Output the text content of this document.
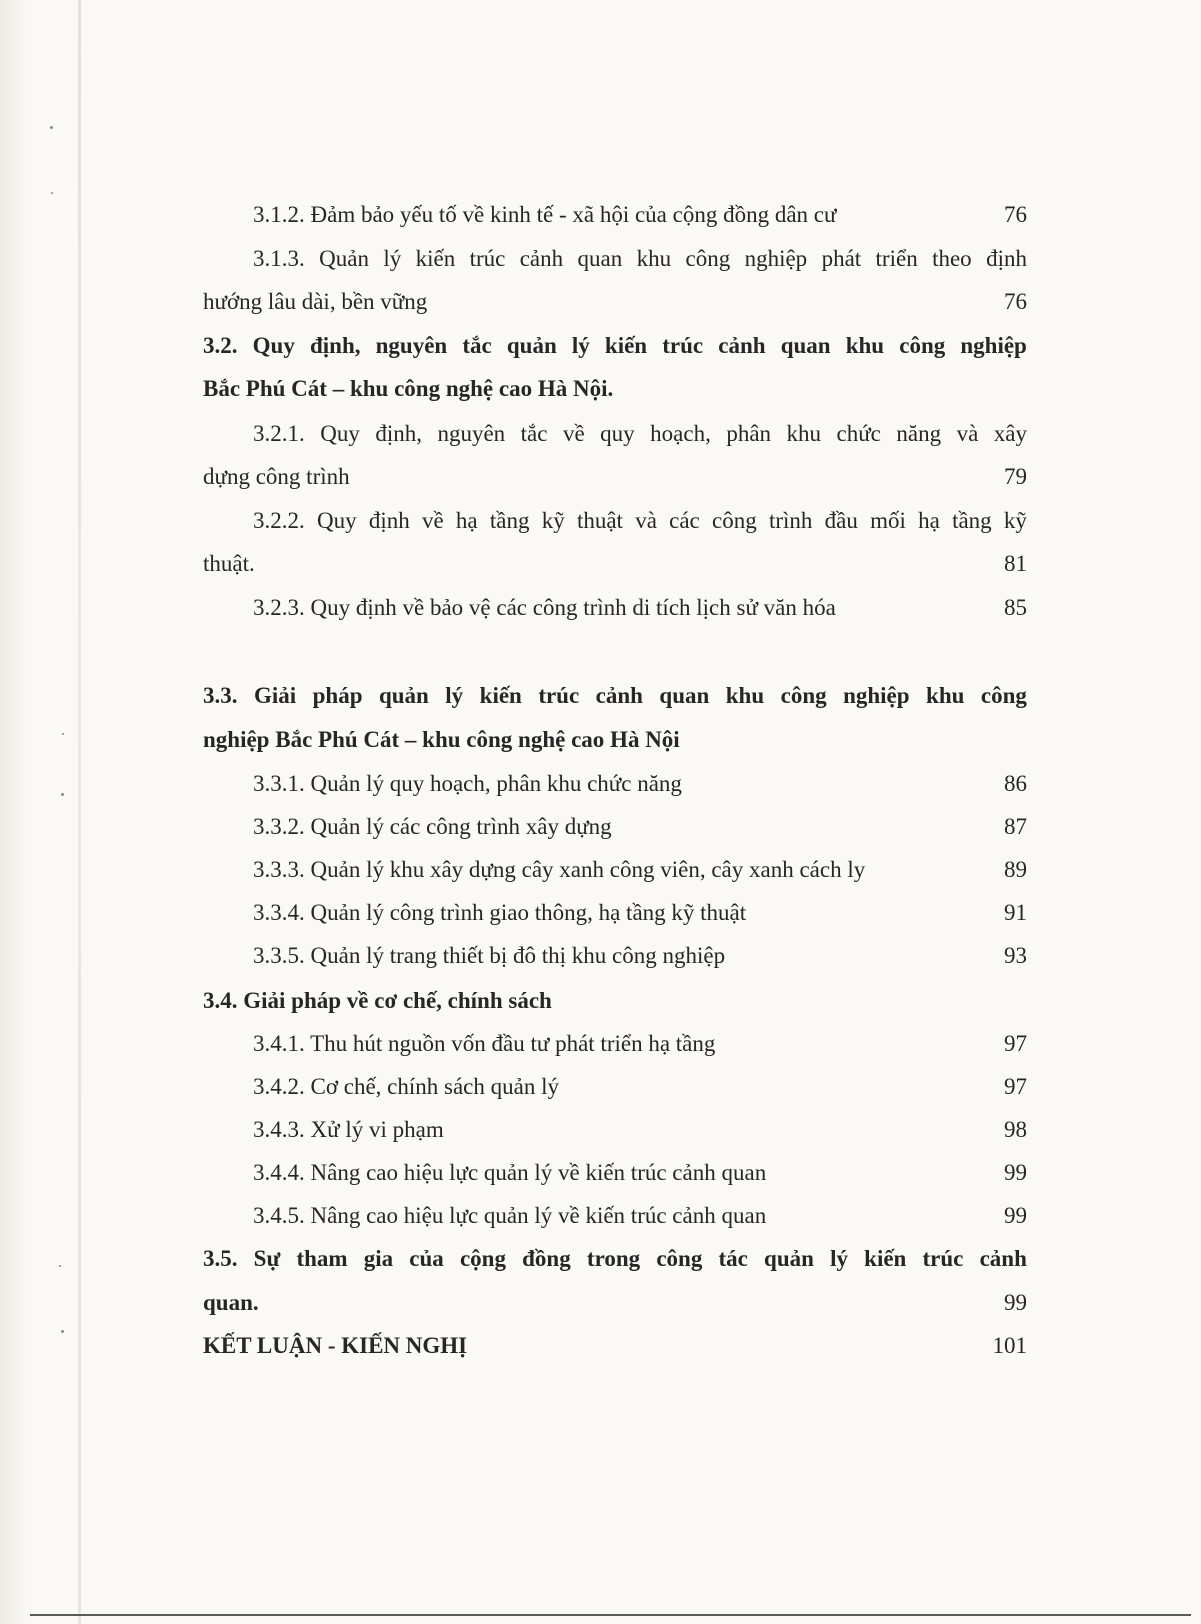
3.1.2. Đảm bảo yếu tố về kinh tế - xã hội của cộng đồng dân cư	76
3.1.3. Quản lý kiến trúc cảnh quan khu công nghiệp phát triển theo định
hướng lâu dài, bền vững	76
3.2. Quy định, nguyên tắc quản lý kiến trúc cảnh quan khu công nghiệp
Bắc Phú Cát – khu công nghệ cao Hà Nội.
3.2.1. Quy định, nguyên tắc về quy hoạch, phân khu chức năng và xây
dựng công trình	79
3.2.2. Quy định về hạ tầng kỹ thuật và các công trình đầu mối hạ tầng kỹ
thuật.	81
3.2.3. Quy định về bảo vệ các công trình di tích lịch sử văn hóa	85
3.3. Giải pháp quản lý kiến trúc cảnh quan khu công nghiệp khu công
nghiệp Bắc Phú Cát – khu công nghệ cao Hà Nội
3.3.1. Quản lý quy hoạch, phân khu chức năng	86
3.3.2. Quản lý các công trình xây dựng	87
3.3.3. Quản lý khu xây dựng cây xanh công viên, cây xanh cách ly	89
3.3.4. Quản lý công trình giao thông, hạ tầng kỹ thuật	91
3.3.5. Quản lý trang thiết bị đô thị khu công nghiệp	93
3.4. Giải pháp về cơ chế, chính sách
3.4.1. Thu hút nguồn vốn đầu tư phát triển hạ tầng	97
3.4.2. Cơ chế, chính sách quản lý	97
3.4.3. Xử lý vi phạm	98
3.4.4. Nâng cao hiệu lực quản lý về kiến trúc cảnh quan	99
3.4.5. Nâng cao hiệu lực quản lý về kiến trúc cảnh quan	99
3.5. Sự tham gia của cộng đồng trong công tác quản lý kiến trúc cảnh
quan.	99
KẾT LUẬN - KIẾN NGHỊ	101
